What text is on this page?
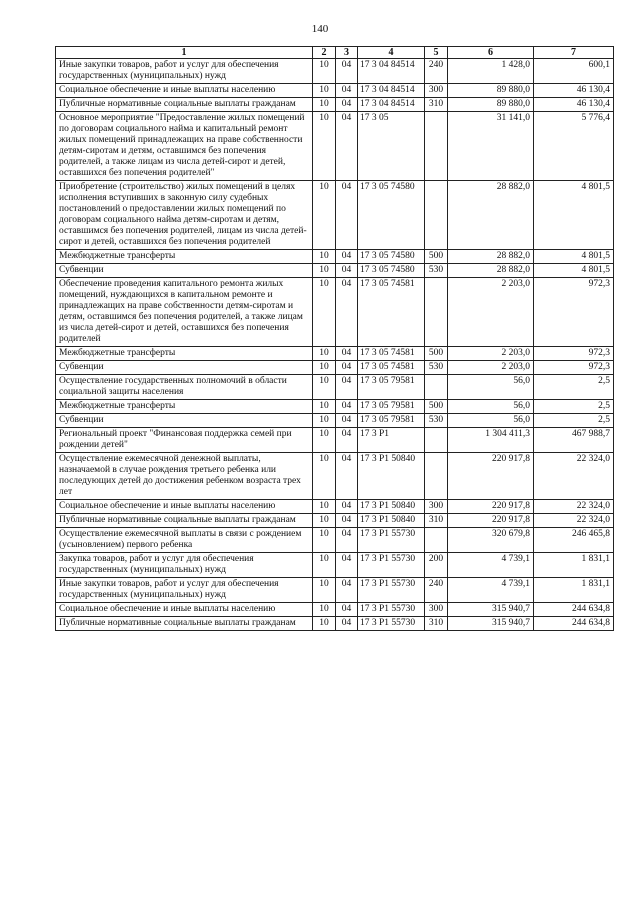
140
1	2	3	4	5	6	7
Иные закупки товаров, работ и услуг для обеспечения государственных (муниципальных) нужд	10	04	17 3 04 84514	240	1 428,0	600,1
Социальное обеспечение и иные выплаты населению	10	04	17 3 04 84514	300	89 880,0	46 130,4
Публичные нормативные социальные выплаты гражданам	10	04	17 3 04 84514	310	89 880,0	46 130,4
Основное мероприятие "Предоставление жилых помещений по договорам социального найма и капитальный ремонт жилых помещений принадлежащих на праве собственности детям-сиротам и детям, оставшимся без попечения родителей, а также лицам из числа детей-сирот и детей, оставшихся без попечения родителей"	10	04	17 3 05		31 141,0	5 776,4
Приобретение (строительство) жилых помещений в целях исполнения вступивших в законную силу судебных постановлений о предоставлении жилых помещений по договорам социального найма детям-сиротам и детям, оставшимся без попечения родителей, лицам из числа детей-сирот и детей, оставшихся без попечения родителей	10	04	17 3 05 74580		28 882,0	4 801,5
Межбюджетные трансферты	10	04	17 3 05 74580	500	28 882,0	4 801,5
Субвенции	10	04	17 3 05 74580	530	28 882,0	4 801,5
Обеспечение проведения капитального ремонта жилых помещений, нуждающихся в капитальном ремонте и принадлежащих на праве собственности детям-сиротам и детям, оставшимся без попечения родителей, а также лицам из числа детей-сирот и детей, оставшихся без попечения родителей	10	04	17 3 05 74581		2 203,0	972,3
Межбюджетные трансферты	10	04	17 3 05 74581	500	2 203,0	972,3
Субвенции	10	04	17 3 05 74581	530	2 203,0	972,3
Осуществление государственных полномочий в области социальной защиты населения	10	04	17 3 05 79581		56,0	2,5
Межбюджетные трансферты	10	04	17 3 05 79581	500	56,0	2,5
Субвенции	10	04	17 3 05 79581	530	56,0	2,5
Региональный проект "Финансовая поддержка семей при рождении детей"	10	04	17 3 P1		1 304 411,3	467 988,7
Осуществление ежемесячной денежной выплаты, назначаемой в случае рождения третьего ребенка или последующих детей до достижения ребенком возраста трех лет	10	04	17 3 P1 50840		220 917,8	22 324,0
Социальное обеспечение и иные выплаты населению	10	04	17 3 P1 50840	300	220 917,8	22 324,0
Публичные нормативные социальные выплаты гражданам	10	04	17 3 P1 50840	310	220 917,8	22 324,0
Осуществление ежемесячной выплаты в связи с рождением (усыновлением) первого ребенка	10	04	17 3 P1 55730		320 679,8	246 465,8
Закупка товаров, работ и услуг для обеспечения государственных (муниципальных) нужд	10	04	17 3 P1 55730	200	4 739,1	1 831,1
Иные закупки товаров, работ и услуг для обеспечения государственных (муниципальных) нужд	10	04	17 3 P1 55730	240	4 739,1	1 831,1
Социальное обеспечение и иные выплаты населению	10	04	17 3 P1 55730	300	315 940,7	244 634,8
Публичные нормативные социальные выплаты гражданам	10	04	17 3 P1 55730	310	315 940,7	244 634,8
